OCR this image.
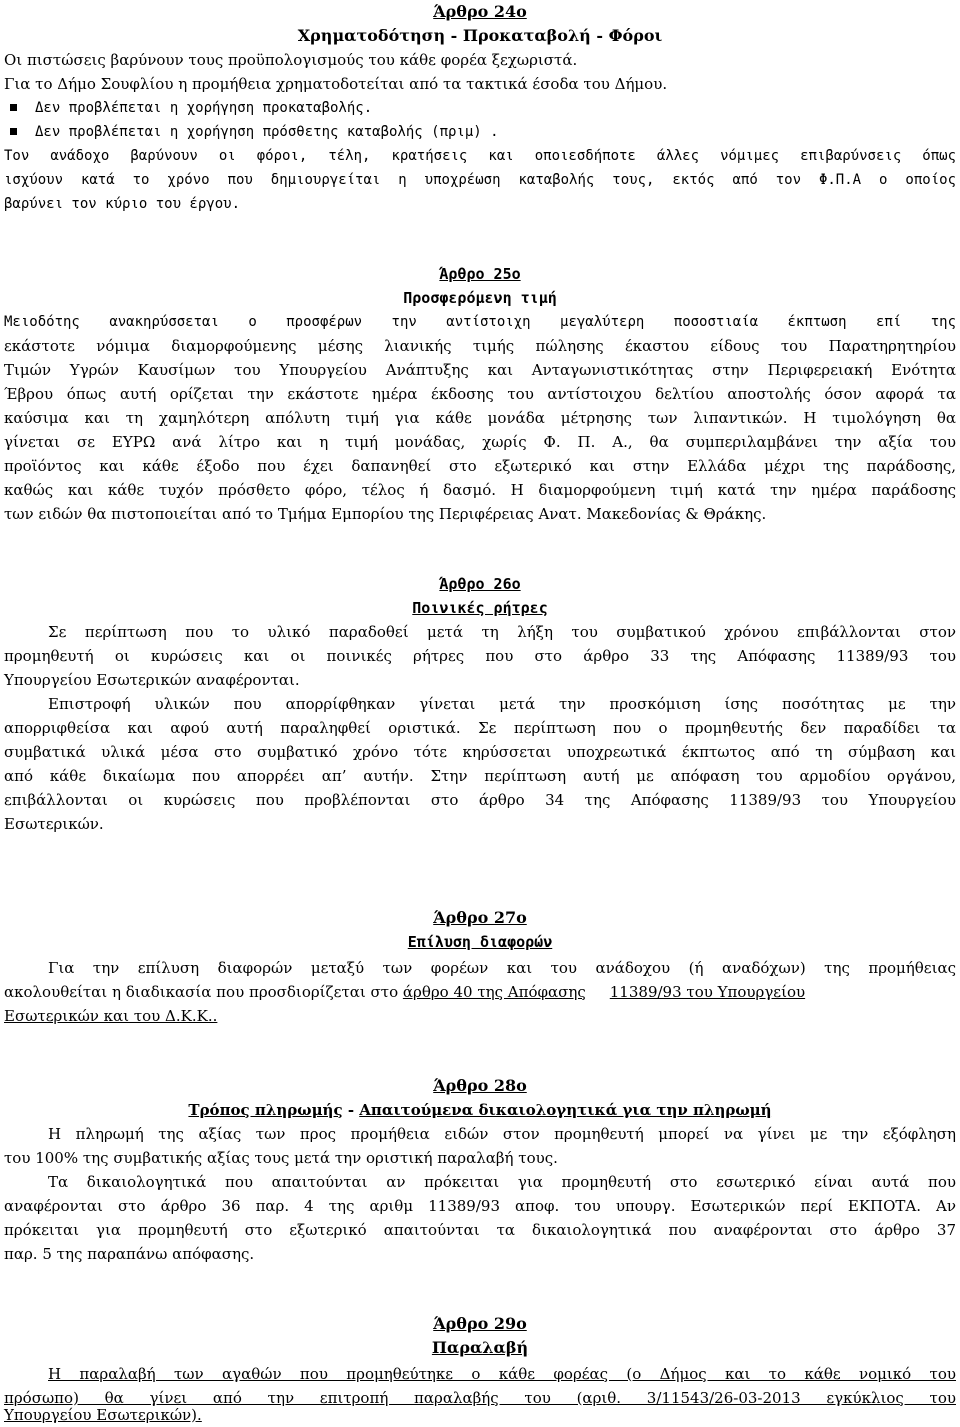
Άρθρο 24ο
Χρηματοδότηση - Προκαταβολή - Φόροι
Οι πιστώσεις βαρύνουν τους προϋπολογισμούς του κάθε φορέα ξεχωριστά.
Για το Δήμο Σουφλίου η προμήθεια χρηματοδοτείται από τα τακτικά έσοδα του Δήμου.
Δεν προβλέπεται η χορήγηση προκαταβολής.
Δεν προβλέπεται η χορήγηση πρόσθετης καταβολής (πριμ) .
Τον ανάδοχο βαρύνουν οι φόροι, τέλη, κρατήσεις και οποιεσδήποτε άλλες νόμιμες επιβαρύνσεις όπως
ισχύουν κατά το χρόνο που δημιουργείται η υποχρέωση καταβολής τους, εκτός από τον Φ.Π.Α ο οποίος
βαρύνει τον κύριο του έργου.
Άρθρο 25ο
Προσφερόμενη τιμή
Μειοδότης ανακηρύσσεται ο προσφέρων την αντίστοιχη μεγαλύτερη ποσοστιαία έκπτωση επί της
εκάστοτε νόμιμα διαμορφούμενης μέσης λιανικής τιμής πώλησης έκαστου είδους του Παρατηρητηρίου
Τιμών Υγρών Καυσίμων του Υπουργείου Ανάπτυξης και Ανταγωνιστικότητας στην Περιφερειακή Ενότητα
Έβρου όπως αυτή ορίζεται την εκάστοτε ημέρα έκδοσης του αντίστοιχου δελτίου αποστολής όσον αφορά τα
καύσιμα και τη χαμηλότερη απόλυτη τιμή για κάθε μονάδα μέτρησης των λιπαντικών. Η τιμολόγηση θα
γίνεται σε ΕΥΡΩ ανά λίτρο και η τιμή μονάδας, χωρίς Φ. Π. Α., θα συμπεριλαμβάνει την αξία του
προϊόντος και κάθε έξοδο που έχει δαπανηθεί στο εξωτερικό και στην Ελλάδα μέχρι της παράδοσης,
καθώς και κάθε τυχόν πρόσθετο φόρο, τέλος ή δασμό. Η διαμορφούμενη τιμή κατά την ημέρα παράδοσης
των ειδών θα πιστοποιείται από το Τμήμα Εμπορίου της Περιφέρειας Ανατ. Μακεδονίας & Θράκης.
Άρθρο 26ο
Ποινικές ρήτρες
Σε περίπτωση που το υλικό παραδοθεί μετά τη λήξη του συμβατικού χρόνου επιβάλλονται στον
προμηθευτή οι κυρώσεις και οι ποινικές ρήτρες που στο άρθρο 33 της Απόφασης 11389/93 του
Υπουργείου Εσωτερικών αναφέρονται.
Επιστροφή υλικών που απορρίφθηκαν γίνεται μετά την προσκόμιση ίσης ποσότητας με την
απορριφθείσα και αφού αυτή παραληφθεί οριστικά. Σε περίπτωση που ο προμηθευτής δεν παραδίδει τα
συμβατικά υλικά μέσα στο συμβατικό χρόνο τότε κηρύσσεται υποχρεωτικά έκπτωτος από τη σύμβαση και
από κάθε δικαίωμα που απορρέει απ’ αυτήν. Στην περίπτωση αυτή με απόφαση του αρμοδίου οργάνου,
επιβάλλονται οι κυρώσεις που προβλέπονται στο άρθρο 34 της Απόφασης 11389/93 του Υπουργείου
Εσωτερικών.
Άρθρο 27ο
Επίλυση διαφορών
Για την επίλυση διαφορών μεταξύ των φορέων και του ανάδοχου (ή αναδόχων) της προμήθειας
ακολουθείται η διαδικασία που προσδιορίζεται στο άρθρο 40 της Απόφασης 11389/93 του Υπουργείου
Εσωτερικών και του Δ.Κ.Κ..
Άρθρο 28ο
Τρόπος πληρωμής - Απαιτούμενα δικαιολογητικά για την πληρωμή
Η πληρωμή της αξίας των προς προμήθεια ειδών στον προμηθευτή μπορεί να γίνει με την εξόφληση
του 100% της συμβατικής αξίας τους μετά την οριστική παραλαβή τους.
Τα δικαιολογητικά που απαιτούνται αν πρόκειται για προμηθευτή στο εσωτερικό είναι αυτά που
αναφέρονται στο άρθρο 36 παρ. 4 της αριθμ 11389/93 αποφ. του υπουργ. Εσωτερικών περί ΕΚΠΟΤΑ. Αν
πρόκειται για προμηθευτή στο εξωτερικό απαιτούνται τα δικαιολογητικά που αναφέρονται στο άρθρο 37
παρ. 5 της παραπάνω απόφασης.
Άρθρο 29ο
Παραλαβή
Η παραλαβή των αγαθών που προμηθεύτηκε ο κάθε φορέας (ο Δήμος και το κάθε νομικό του
πρόσωπο) θα γίνει από την επιτροπή παραλαβής του (αριθ. 3/11543/26-03-2013 εγκύκλιος του
Υπουργείου Εσωτερικών).
